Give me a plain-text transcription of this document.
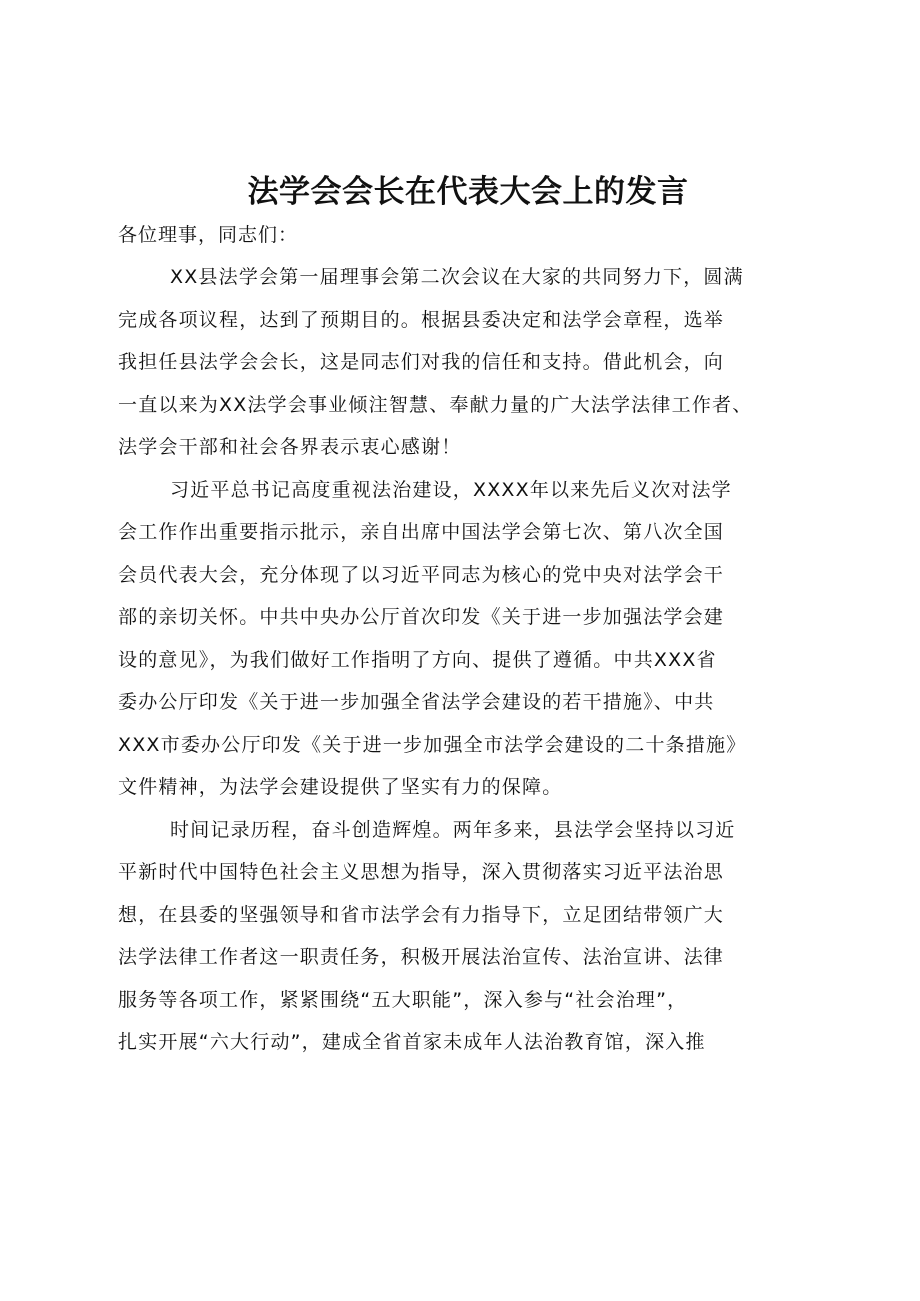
法学会会长在代表大会上的发言

各位理事，同志们：

XX县法学会第一届理事会第二次会议在大家的共同努力下，圆满
完成各项议程，达到了预期目的。根据县委决定和法学会章程，选举
我担任县法学会会长，这是同志们对我的信任和支持。借此机会，向
一直以来为XX法学会事业倾注智慧、奉献力量的广大法学法律工作者、
法学会干部和社会各界表示衷心感谢！
习近平总书记高度重视法治建设，XXXX年以来先后义次对法学
会工作作出重要指示批示，亲自出席中国法学会第七次、第八次全国
会员代表大会，充分体现了以习近平同志为核心的党中央对法学会干
部的亲切关怀。中共中央办公厅首次印发《关于进一步加强法学会建
设的意见》，为我们做好工作指明了方向、提供了遵循。中共XXX省
委办公厅印发《关于进一步加强全省法学会建设的若干措施》、中共
XXX市委办公厅印发《关于进一步加强全市法学会建设的二十条措施》
文件精神，为法学会建设提供了坚实有力的保障。
时间记录历程，奋斗创造辉煌。两年多来，县法学会坚持以习近
平新时代中国特色社会主义思想为指导，深入贯彻落实习近平法治思
想，在县委的坚强领导和省市法学会有力指导下，立足团结带领广大
法学法律工作者这一职责任务，积极开展法治宣传、法治宣讲、法律
服务等各项工作，紧紧围绕“五大职能”，深入参与“社会治理”，
扎实开展“六大行动”，建成全省首家未成年人法治教育馆，深入推
